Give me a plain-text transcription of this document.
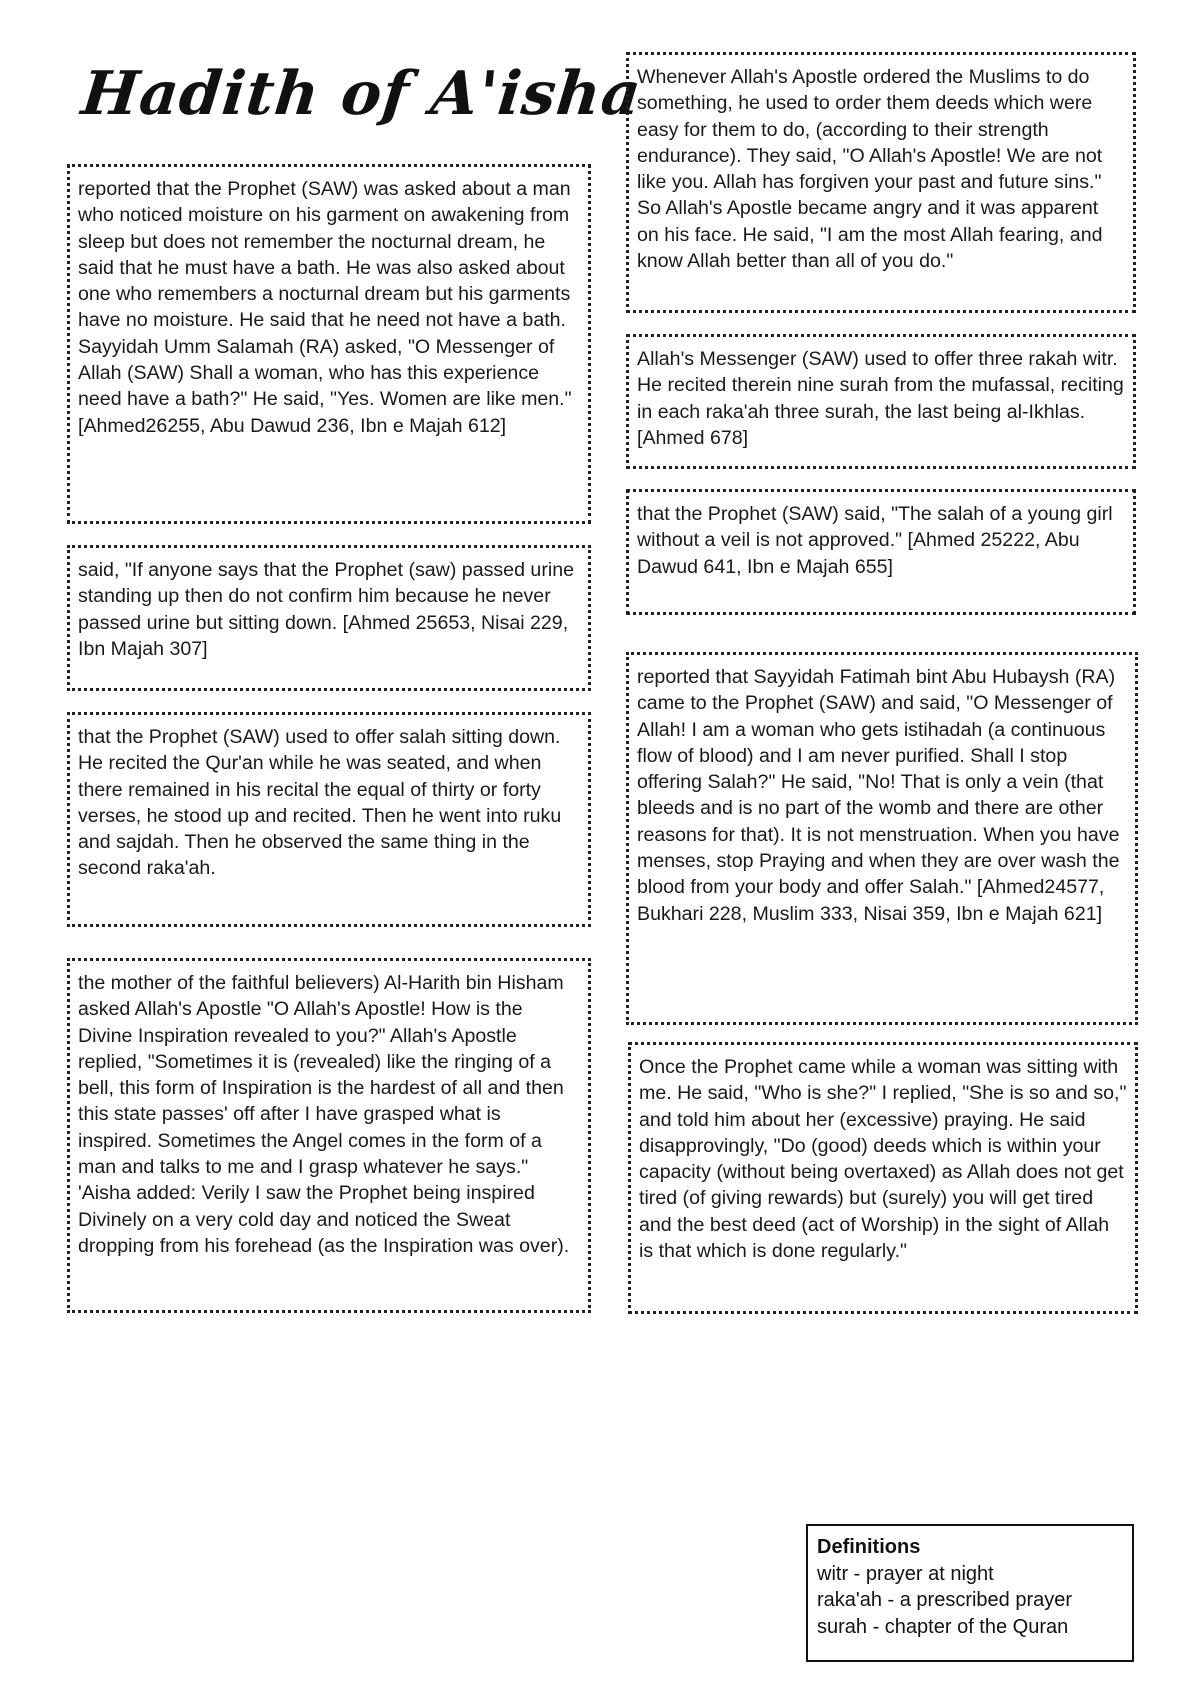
Hadith of A'isha
reported that the Prophet (SAW) was asked about a man who noticed moisture on his garment on awakening from sleep but does not remember the nocturnal dream, he said that he must have a bath. He was also asked about one who remembers a nocturnal dream but his garments have no moisture. He said that he need not have a bath. Sayyidah Umm Salamah (RA) asked, "O Messenger of Allah (SAW) Shall a woman, who has this experience need have a bath?" He said, "Yes. Women are like men." [Ahmed26255, Abu Dawud 236, Ibn e Majah 612]
said, "If anyone says that the Prophet (saw) passed urine standing up then do not confirm him because he never passed urine but sitting down. [Ahmed 25653, Nisai 229, Ibn Majah 307]
that the Prophet (SAW) used to offer salah sitting down. He recited the Qur'an while he was seated, and when there remained in his recital the equal of thirty or forty verses, he stood up and recited. Then he went into ruku and sajdah. Then he observed the same thing in the second raka'ah.
the mother of the faithful believers) Al-Harith bin Hisham asked Allah's Apostle "O Allah's Apostle! How is the Divine Inspiration revealed to you?" Allah's Apostle replied, "Sometimes it is (revealed) like the ringing of a bell, this form of Inspiration is the hardest of all and then this state passes' off after I have grasped what is inspired. Sometimes the Angel comes in the form of a man and talks to me and I grasp whatever he says." 'Aisha added: Verily I saw the Prophet being inspired Divinely on a very cold day and noticed the Sweat dropping from his forehead (as the Inspiration was over).
Whenever Allah's Apostle ordered the Muslims to do something, he used to order them deeds which were easy for them to do, (according to their strength endurance). They said, "O Allah's Apostle! We are not like you. Allah has forgiven your past and future sins." So Allah's Apostle became angry and it was apparent on his face. He said, "I am the most Allah fearing, and know Allah better than all of you do."
Allah's Messenger (SAW) used to offer three rakah witr. He recited therein nine surah from the mufassal, reciting in each raka'ah three surah, the last being al-Ikhlas. [Ahmed 678]
that the Prophet (SAW) said, "The salah of a young girl without a veil is not approved." [Ahmed 25222, Abu Dawud 641, Ibn e Majah 655]
reported that Sayyidah Fatimah bint Abu Hubaysh (RA) came to the Prophet (SAW) and said, "O Messenger of Allah! I am a woman who gets istihadah (a continuous flow of blood) and I am never purified. Shall I stop offering Salah?" He said, "No! That is only a vein (that bleeds and is no part of the womb and there are other reasons for that). It is not menstruation. When you have menses, stop Praying and when they are over wash the blood from your body and offer Salah." [Ahmed24577, Bukhari 228, Muslim 333, Nisai 359, Ibn e Majah 621]
Once the Prophet came while a woman was sitting with me. He said, "Who is she?" I replied, "She is so and so," and told him about her (excessive) praying. He said disapprovingly, "Do (good) deeds which is within your capacity (without being overtaxed) as Allah does not get tired (of giving rewards) but (surely) you will get tired and the best deed (act of Worship) in the sight of Allah is that which is done regularly."
Definitions
witr - prayer at night
raka'ah - a prescribed prayer
surah - chapter of the Quran
